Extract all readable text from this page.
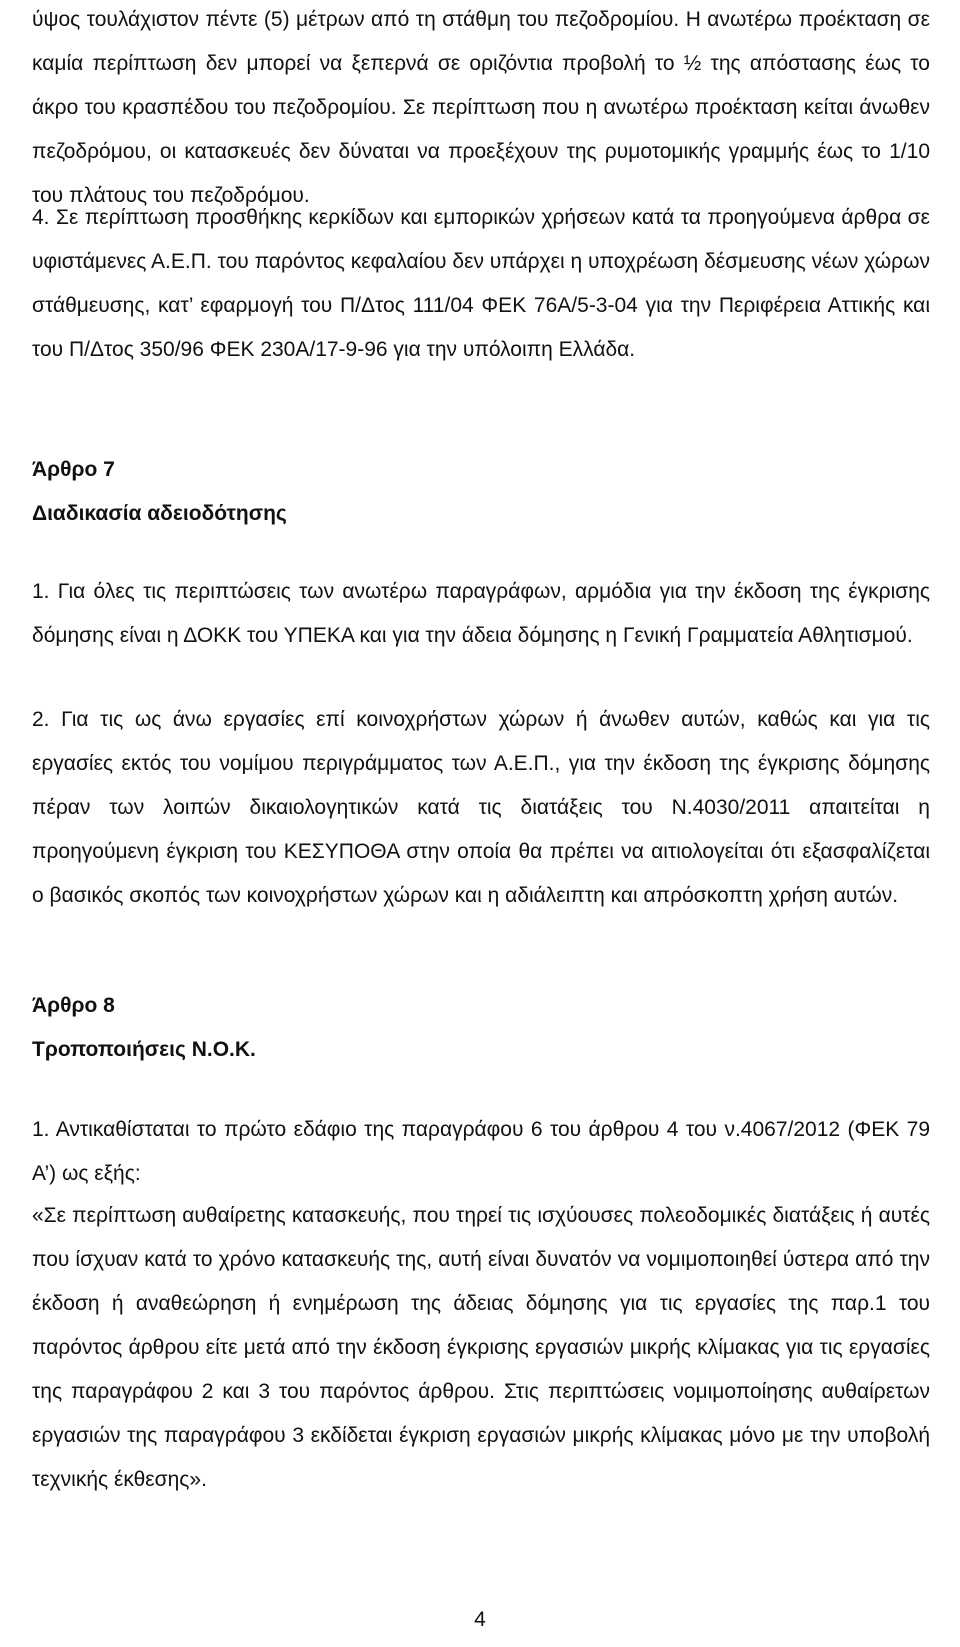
ύψος τουλάχιστον πέντε (5) μέτρων από τη στάθμη του πεζοδρομίου. Η ανωτέρω προέκταση σε καμία περίπτωση δεν μπορεί να ξεπερνά σε οριζόντια προβολή το ½ της απόστασης έως το άκρο του κρασπέδου του πεζοδρομίου. Σε περίπτωση που η ανωτέρω προέκταση κείται άνωθεν πεζοδρόμου, οι κατασκευές δεν δύναται να προεξέχουν της ρυμοτομικής γραμμής έως το 1/10 του πλάτους του πεζοδρόμου.

4. Σε περίπτωση προσθήκης κερκίδων και εμπορικών χρήσεων κατά τα προηγούμενα άρθρα σε υφιστάμενες Α.Ε.Π. του παρόντος κεφαλαίου δεν υπάρχει η υποχρέωση δέσμευσης νέων χώρων στάθμευσης, κατ’ εφαρμογή του Π/Δτος 111/04 ΦΕΚ 76Α/5-3-04 για την Περιφέρεια Αττικής και του Π/Δτος 350/96 ΦΕΚ 230Α/17-9-96 για την υπόλοιπη Ελλάδα.

Άρθρο 7

Διαδικασία αδειοδότησης

1. Για όλες τις περιπτώσεις των ανωτέρω παραγράφων, αρμόδια για την έκδοση της έγκρισης δόμησης είναι η ΔΟΚΚ του ΥΠΕΚΑ και για την άδεια δόμησης η Γενική Γραμματεία Αθλητισμού.

2. Για τις ως άνω εργασίες επί κοινοχρήστων χώρων ή άνωθεν αυτών, καθώς και για τις εργασίες εκτός του νομίμου περιγράμματος των Α.Ε.Π., για την έκδοση της έγκρισης δόμησης πέραν των λοιπών δικαιολογητικών κατά τις διατάξεις του Ν.4030/2011 απαιτείται η προηγούμενη έγκριση του ΚΕΣΥΠΟΘΑ στην οποία θα πρέπει να αιτιολογείται ότι εξασφαλίζεται ο βασικός σκοπός των κοινοχρήστων χώρων και η αδιάλειπτη και απρόσκοπτη χρήση αυτών.

Άρθρο 8

Τροποποιήσεις Ν.Ο.Κ.

1. Αντικαθίσταται το πρώτο εδάφιο της παραγράφου 6 του άρθρου 4 του ν.4067/2012 (ΦΕΚ 79 Α’) ως εξής:

«Σε περίπτωση αυθαίρετης κατασκευής, που τηρεί τις ισχύουσες πολεοδομικές διατάξεις ή αυτές που ίσχυαν κατά το χρόνο κατασκευής της, αυτή είναι δυνατόν να νομιμοποιηθεί ύστερα από την έκδοση ή αναθεώρηση ή ενημέρωση της άδειας δόμησης για τις εργασίες της παρ.1 του παρόντος άρθρου είτε μετά από την έκδοση έγκρισης εργασιών μικρής κλίμακας για τις εργασίες της παραγράφου 2 και 3 του παρόντος άρθρου. Στις περιπτώσεις νομιμοποίησης αυθαίρετων εργασιών της παραγράφου 3 εκδίδεται έγκριση εργασιών μικρής κλίμακας μόνο με την υποβολή τεχνικής έκθεσης».

4
